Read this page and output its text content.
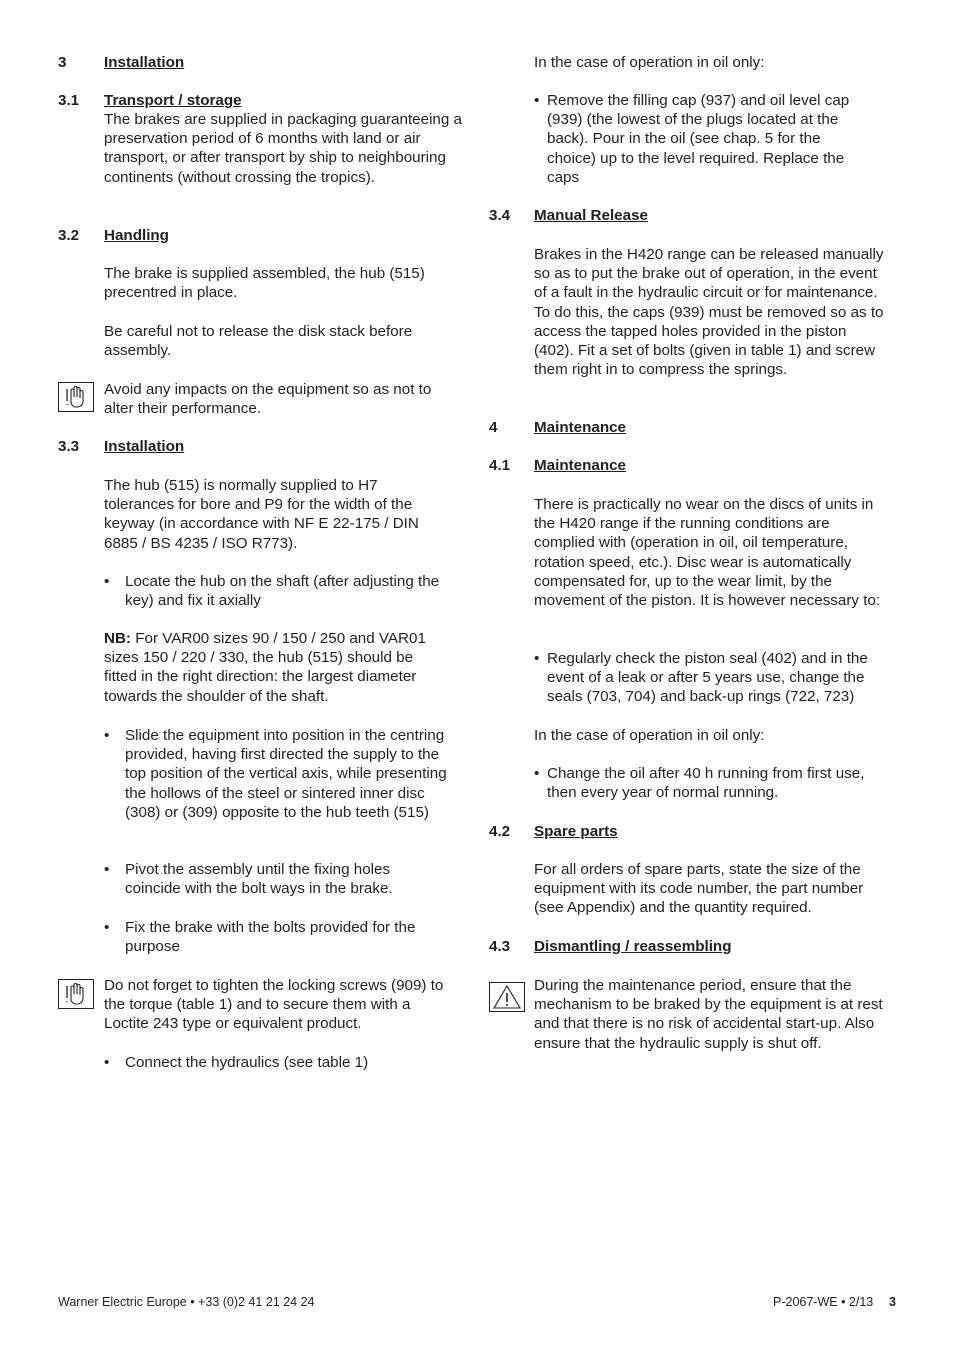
3 Installation
3.1 Transport / storage

The brakes are supplied in packaging guaranteeing a preservation period of 6 months with land or air transport, or after transport by ship to neighbouring continents (without crossing the tropics).

3.2 Handling

The brake is supplied assembled, the hub (515) precentred in place.

Be careful not to release the disk stack before assembly.

Avoid any impacts on the equipment so as not to alter their performance.

3.3 Installation

The hub (515) is normally supplied to H7 tolerances for bore and P9 for the width of the keyway (in accordance with NF E 22-175 / DIN 6885 / BS 4235 / ISO R773).

• Locate the hub on the shaft (after adjusting the key) and fix it axially

NB: For VAR00 sizes 90 / 150 / 250 and VAR01 sizes 150 / 220 / 330, the hub (515) should be fitted in the right direction: the largest diameter towards the shoulder of the shaft.

• Slide the equipment into position in the centring provided, having first directed the supply to the top position of the vertical axis, while presenting the hollows of the steel or sintered inner disc (308) or (309) opposite to the hub teeth (515)

• Pivot the assembly until the fixing holes coincide with the bolt ways in the brake.

• Fix the brake with the bolts provided for the purpose

Do not forget to tighten the locking screws (909) to the torque (table 1) and to secure them with a Loctite 243 type or equivalent product.

• Connect the hydraulics (see table 1)

In the case of operation in oil only:

• Remove the filling cap (937) and oil level cap (939) (the lowest of the plugs located at the back). Pour in the oil (see chap. 5 for the choice) up to the level required. Replace the caps

3.4 Manual Release

Brakes in the H420 range can be released manually so as to put the brake out of operation, in the event of a fault in the hydraulic circuit or for maintenance. To do this, the caps (939) must be removed so as to access the tapped holes provided in the piston (402). Fit a set of bolts (given in table 1) and screw them right in to compress the springs.

4 Maintenance
4.1 Maintenance

There is practically no wear on the discs of units in the H420 range if the running conditions are complied with (operation in oil, oil temperature, rotation speed, etc.). Disc wear is automatically compensated for, up to the wear limit, by the movement of the piston. It is however necessary to:

• Regularly check the piston seal (402) and in the event of a leak or after 5 years use, change the seals (703, 704) and back-up rings (722, 723)

In the case of operation in oil only:

• Change the oil after 40 h running from first use, then every year of normal running.

4.2 Spare parts

For all orders of spare parts, state the size of the equipment with its code number, the part number (see Appendix) and the quantity required.

4.3 Dismantling / reassembling

During the maintenance period, ensure that the mechanism to be braked by the equipment is at rest and that there is no risk of accidental start-up. Also ensure that the hydraulic supply is shut off.

Warner Electric Europe • +33 (0)2 41 21 24 24	P-2067-WE • 2/13 3
